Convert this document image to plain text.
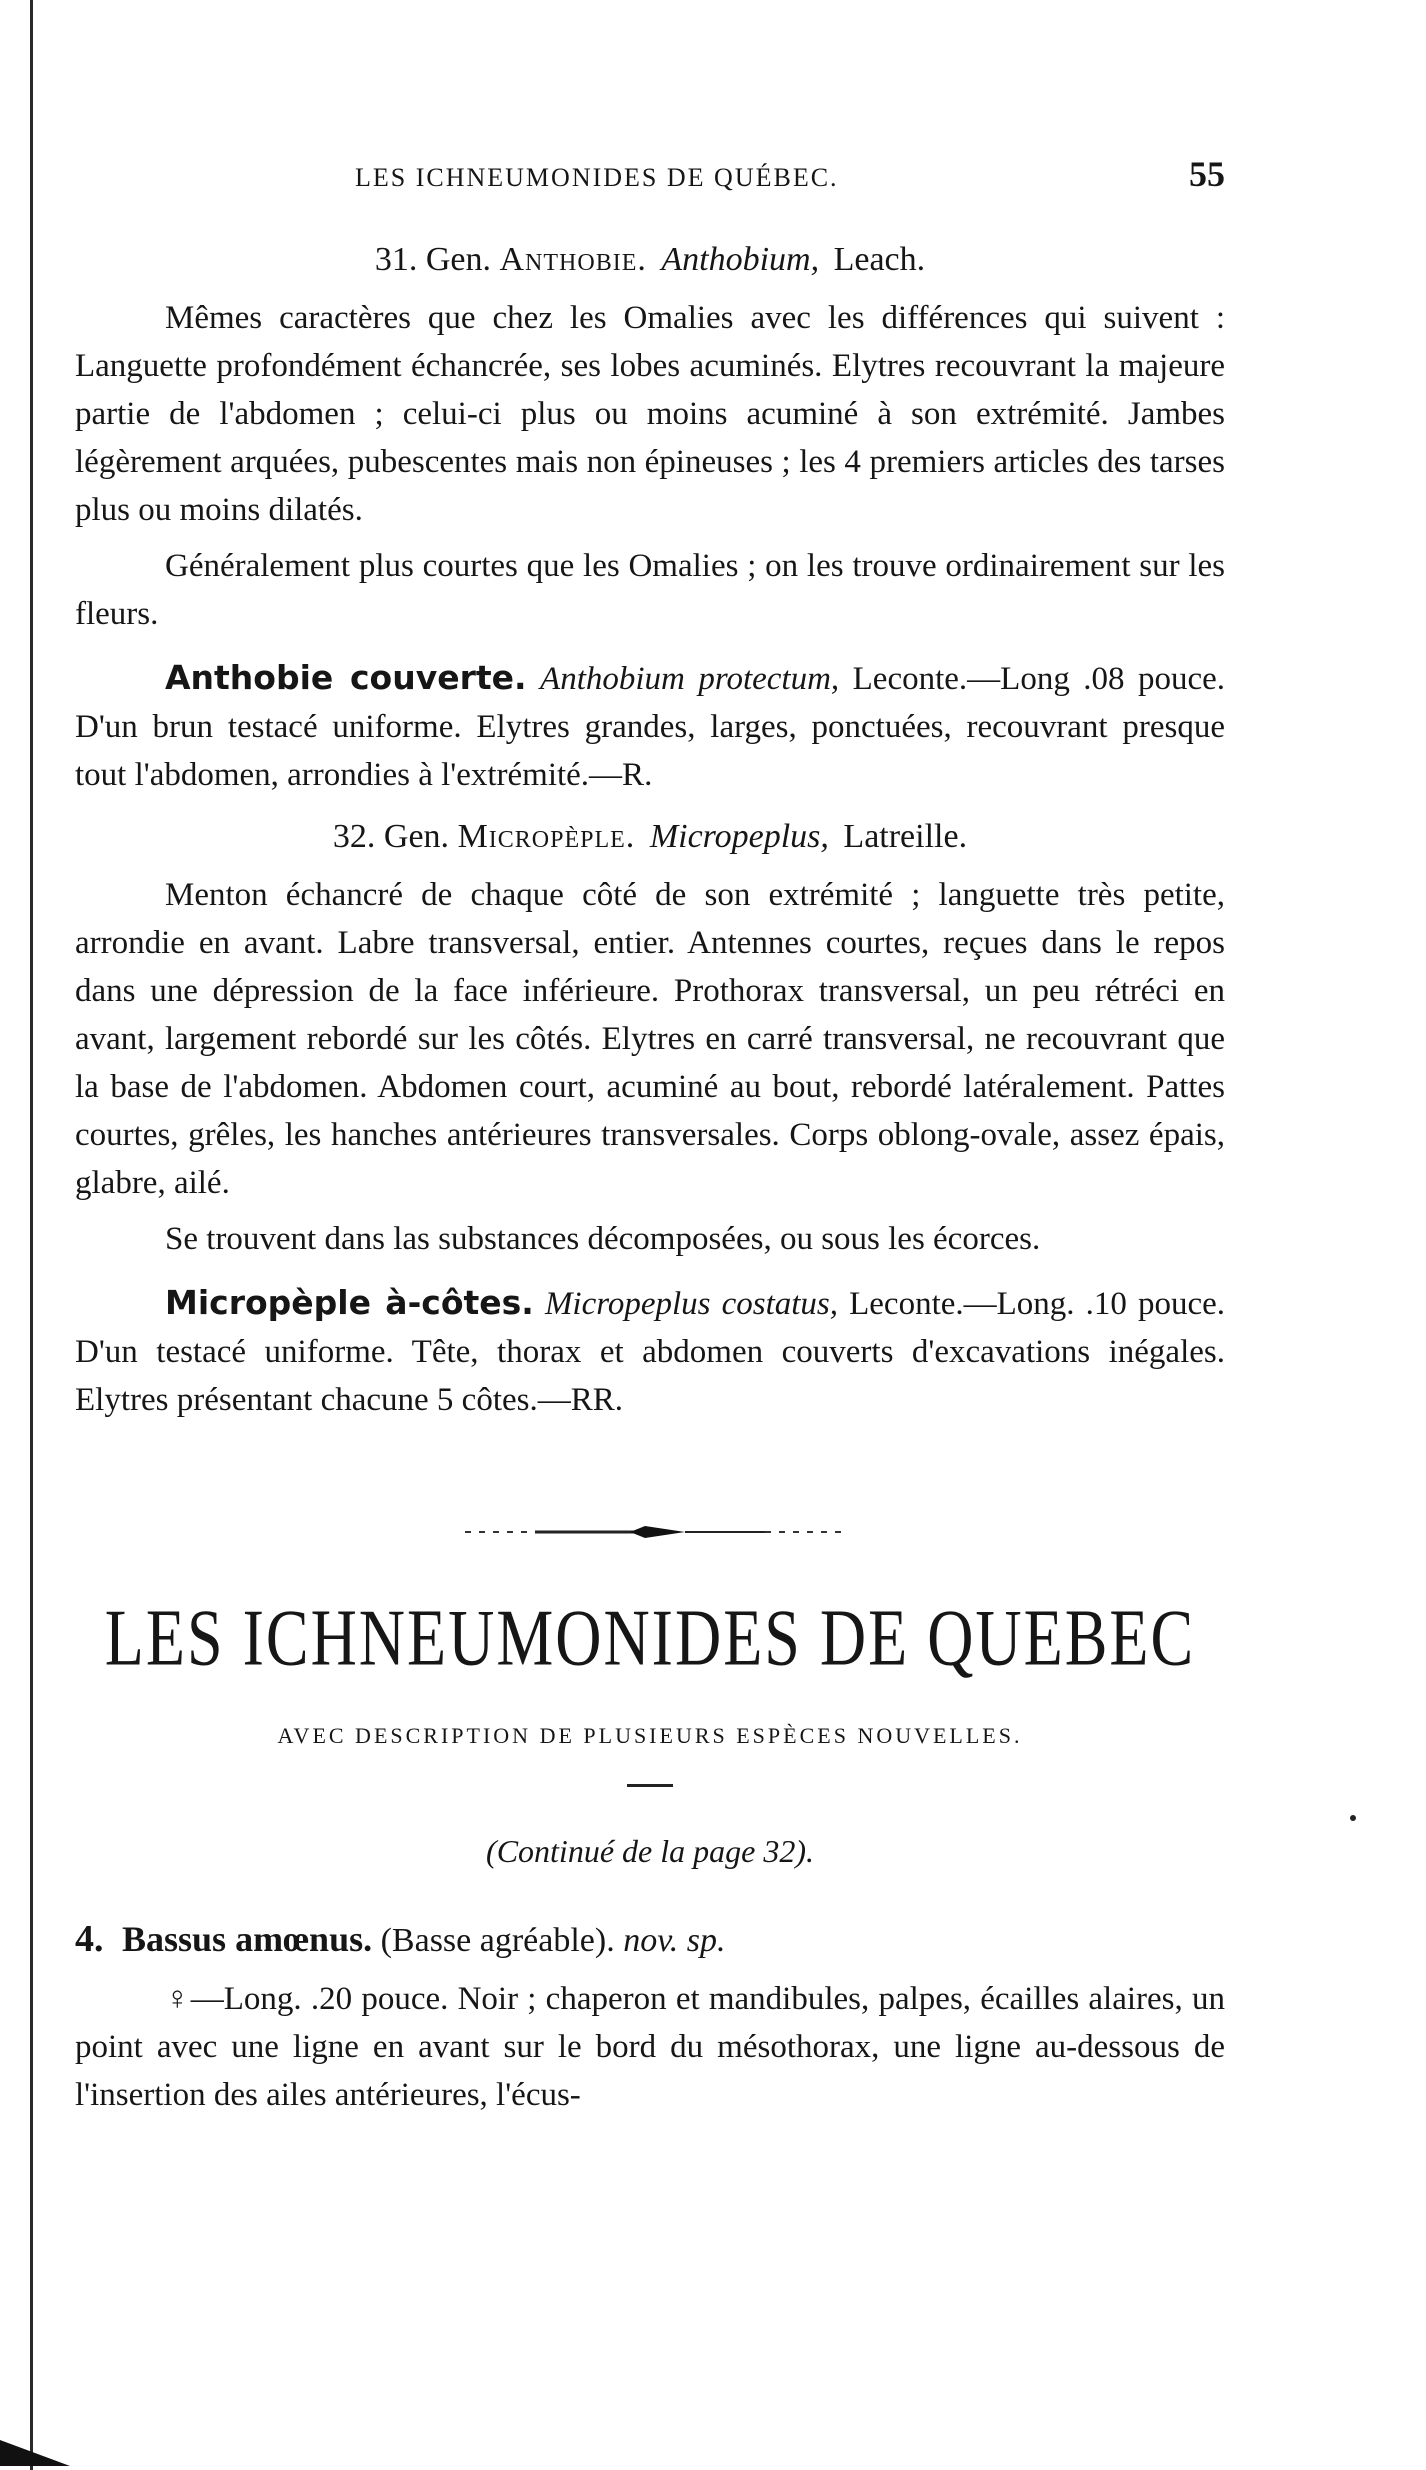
LES ICHNEUMONIDES DE QUÉBEC.	55
31. Gen. Anthobie. Anthobium, Leach.

Mêmes caractères que chez les Omalies avec les différences qui suivent : Languette profondément échancrée, ses lobes acuminés. Elytres recouvrant la majeure partie de l'abdomen ; celui-ci plus ou moins acuminé à son extrémité. Jambes légèrement arquées, pubescentes mais non épineuses ; les 4 premiers articles des tarses plus ou moins dilatés.

Généralement plus courtes que les Omalies ; on les trouve ordinairement sur les fleurs.

Anthobie couverte. Anthobium protectum, Leconte.—Long .08 pouce. D'un brun testacé uniforme. Elytres grandes, larges, ponctuées, recouvrant presque tout l'abdomen, arrondies à l'extrémité.—R.

32. Gen. Micropèple. Micropeplus, Latreille.

Menton échancré de chaque côté de son extrémité ; languette très petite, arrondie en avant. Labre transversal, entier. Antennes courtes, reçues dans le repos dans une dépression de la face inférieure. Prothorax transversal, un peu rétréci en avant, largement rebordé sur les côtés. Elytres en carré transversal, ne recouvrant que la base de l'abdomen. Abdomen court, acuminé au bout, rebordé latéralement. Pattes courtes, grêles, les hanches antérieures transversales. Corps oblong-ovale, assez épais, glabre, ailé.

Se trouvent dans las substances décomposées, ou sous les écorces.

Micropèple à-côtes. Micropeplus costatus, Leconte.—Long. .10 pouce. D'un testacé uniforme. Tête, thorax et abdomen couverts d'excavations inégales. Elytres présentant chacune 5 côtes.—RR.

LES ICHNEUMONIDES DE QUEBEC
AVEC DESCRIPTION DE PLUSIEURS ESPÈCES NOUVELLES.
(Continué de la page 32).
4. Bassus amœnus. (Basse agréable). nov. sp.

♀—Long. .20 pouce. Noir ; chaperon et mandibules, palpes, écailles alaires, un point avec une ligne en avant sur le bord du mésothorax, une ligne au-dessous de l'insertion des ailes antérieures, l'écus-
